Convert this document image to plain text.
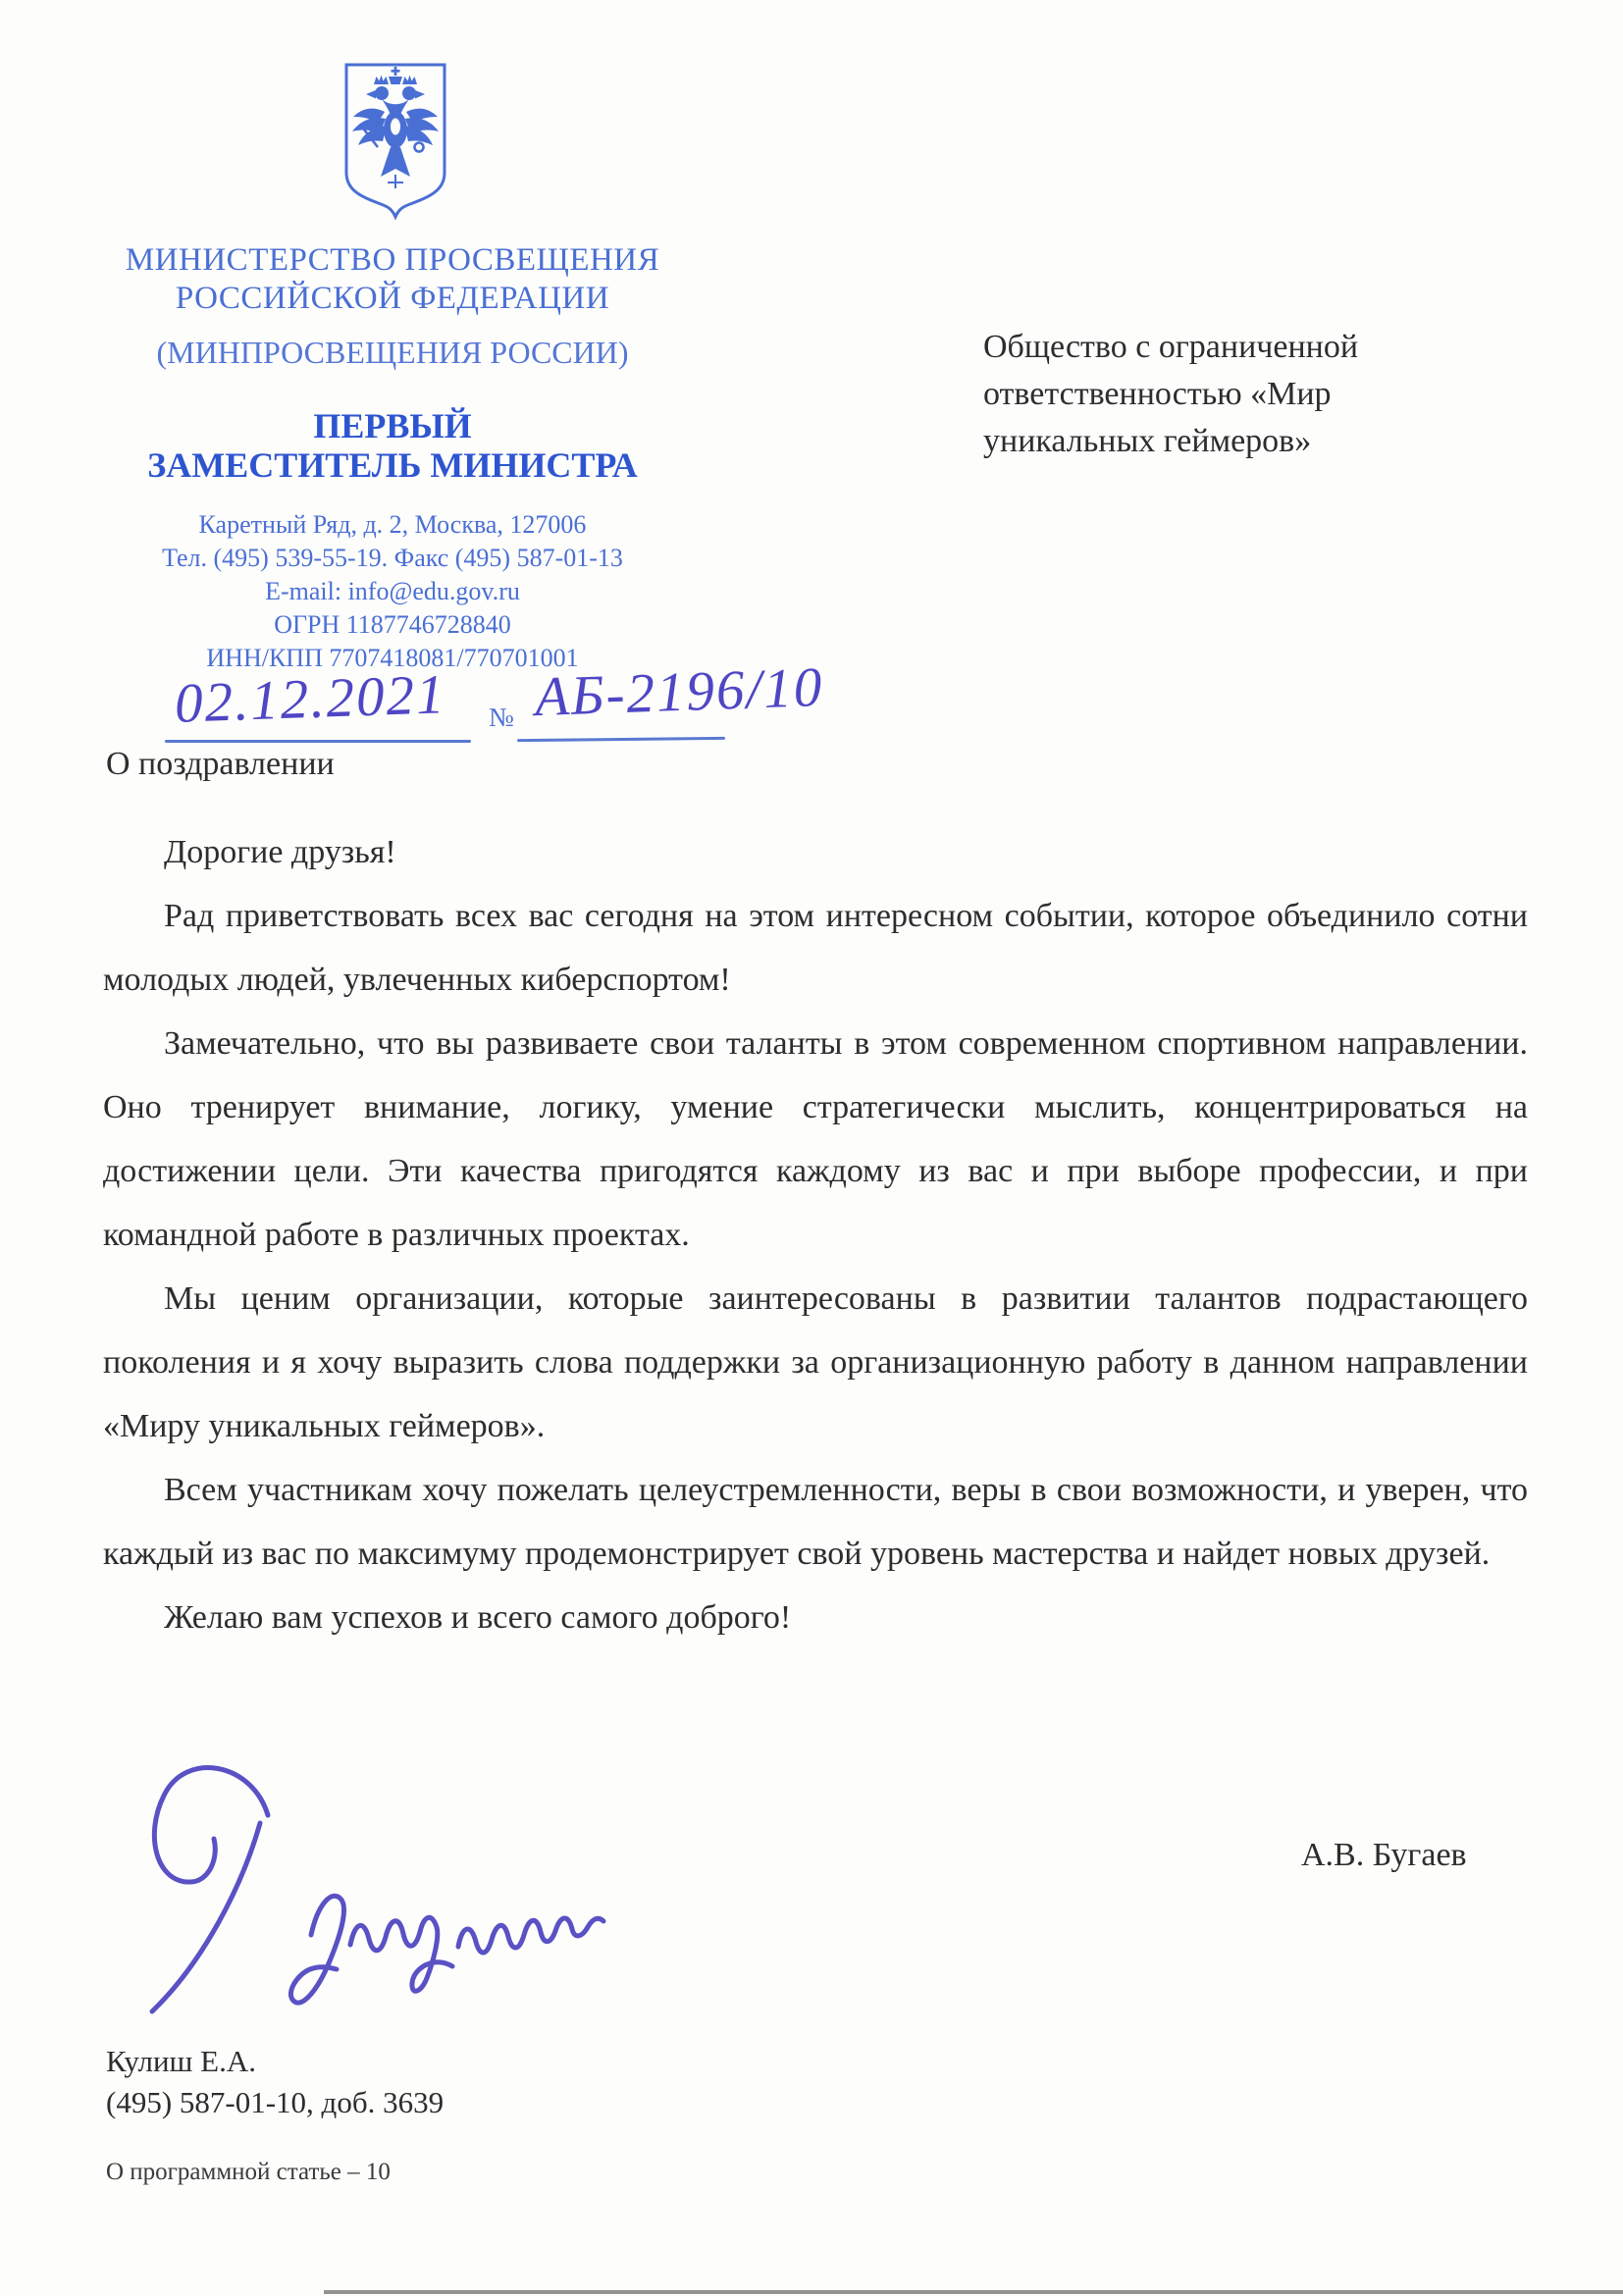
МИНИСТЕРСТВО ПРОСВЕЩЕНИЯ
РОССИЙСКОЙ ФЕДЕРАЦИИ
(МИНПРОСВЕЩЕНИЯ РОССИИ)
ПЕРВЫЙ
ЗАМЕСТИТЕЛЬ МИНИСТРА
Каретный Ряд, д. 2, Москва, 127006
Тел. (495) 539-55-19. Факс (495) 587-01-13
E-mail: info@edu.gov.ru
ОГРН 1187746728840
ИНН/КПП 7707418081/770701001
02.12.2021 № АБ-2196/10
О поздравлении
Общество с ограниченной
ответственностью «Мир
уникальных геймеров»

Дорогие друзья!

Рад приветствовать всех вас сегодня на этом интересном событии, которое объединило сотни молодых людей, увлеченных киберспортом!

Замечательно, что вы развиваете свои таланты в этом современном спортивном направлении. Оно тренирует внимание, логику, умение стратегически мыслить, концентрироваться на достижении цели. Эти качества пригодятся каждому из вас и при выборе профессии, и при командной работе в различных проектах.

Мы ценим организации, которые заинтересованы в развитии талантов подрастающего поколения и я хочу выразить слова поддержки за организационную работу в данном направлении «Миру уникальных геймеров».

Всем участникам хочу пожелать целеустремленности, веры в свои возможности, и уверен, что каждый из вас по максимуму продемонстрирует свой уровень мастерства и найдет новых друзей.

Желаю вам успехов и всего самого доброго!

А.В. Бугаев
Кулиш Е.А.
(495) 587-01-10, доб. 3639
О программной статье – 10
